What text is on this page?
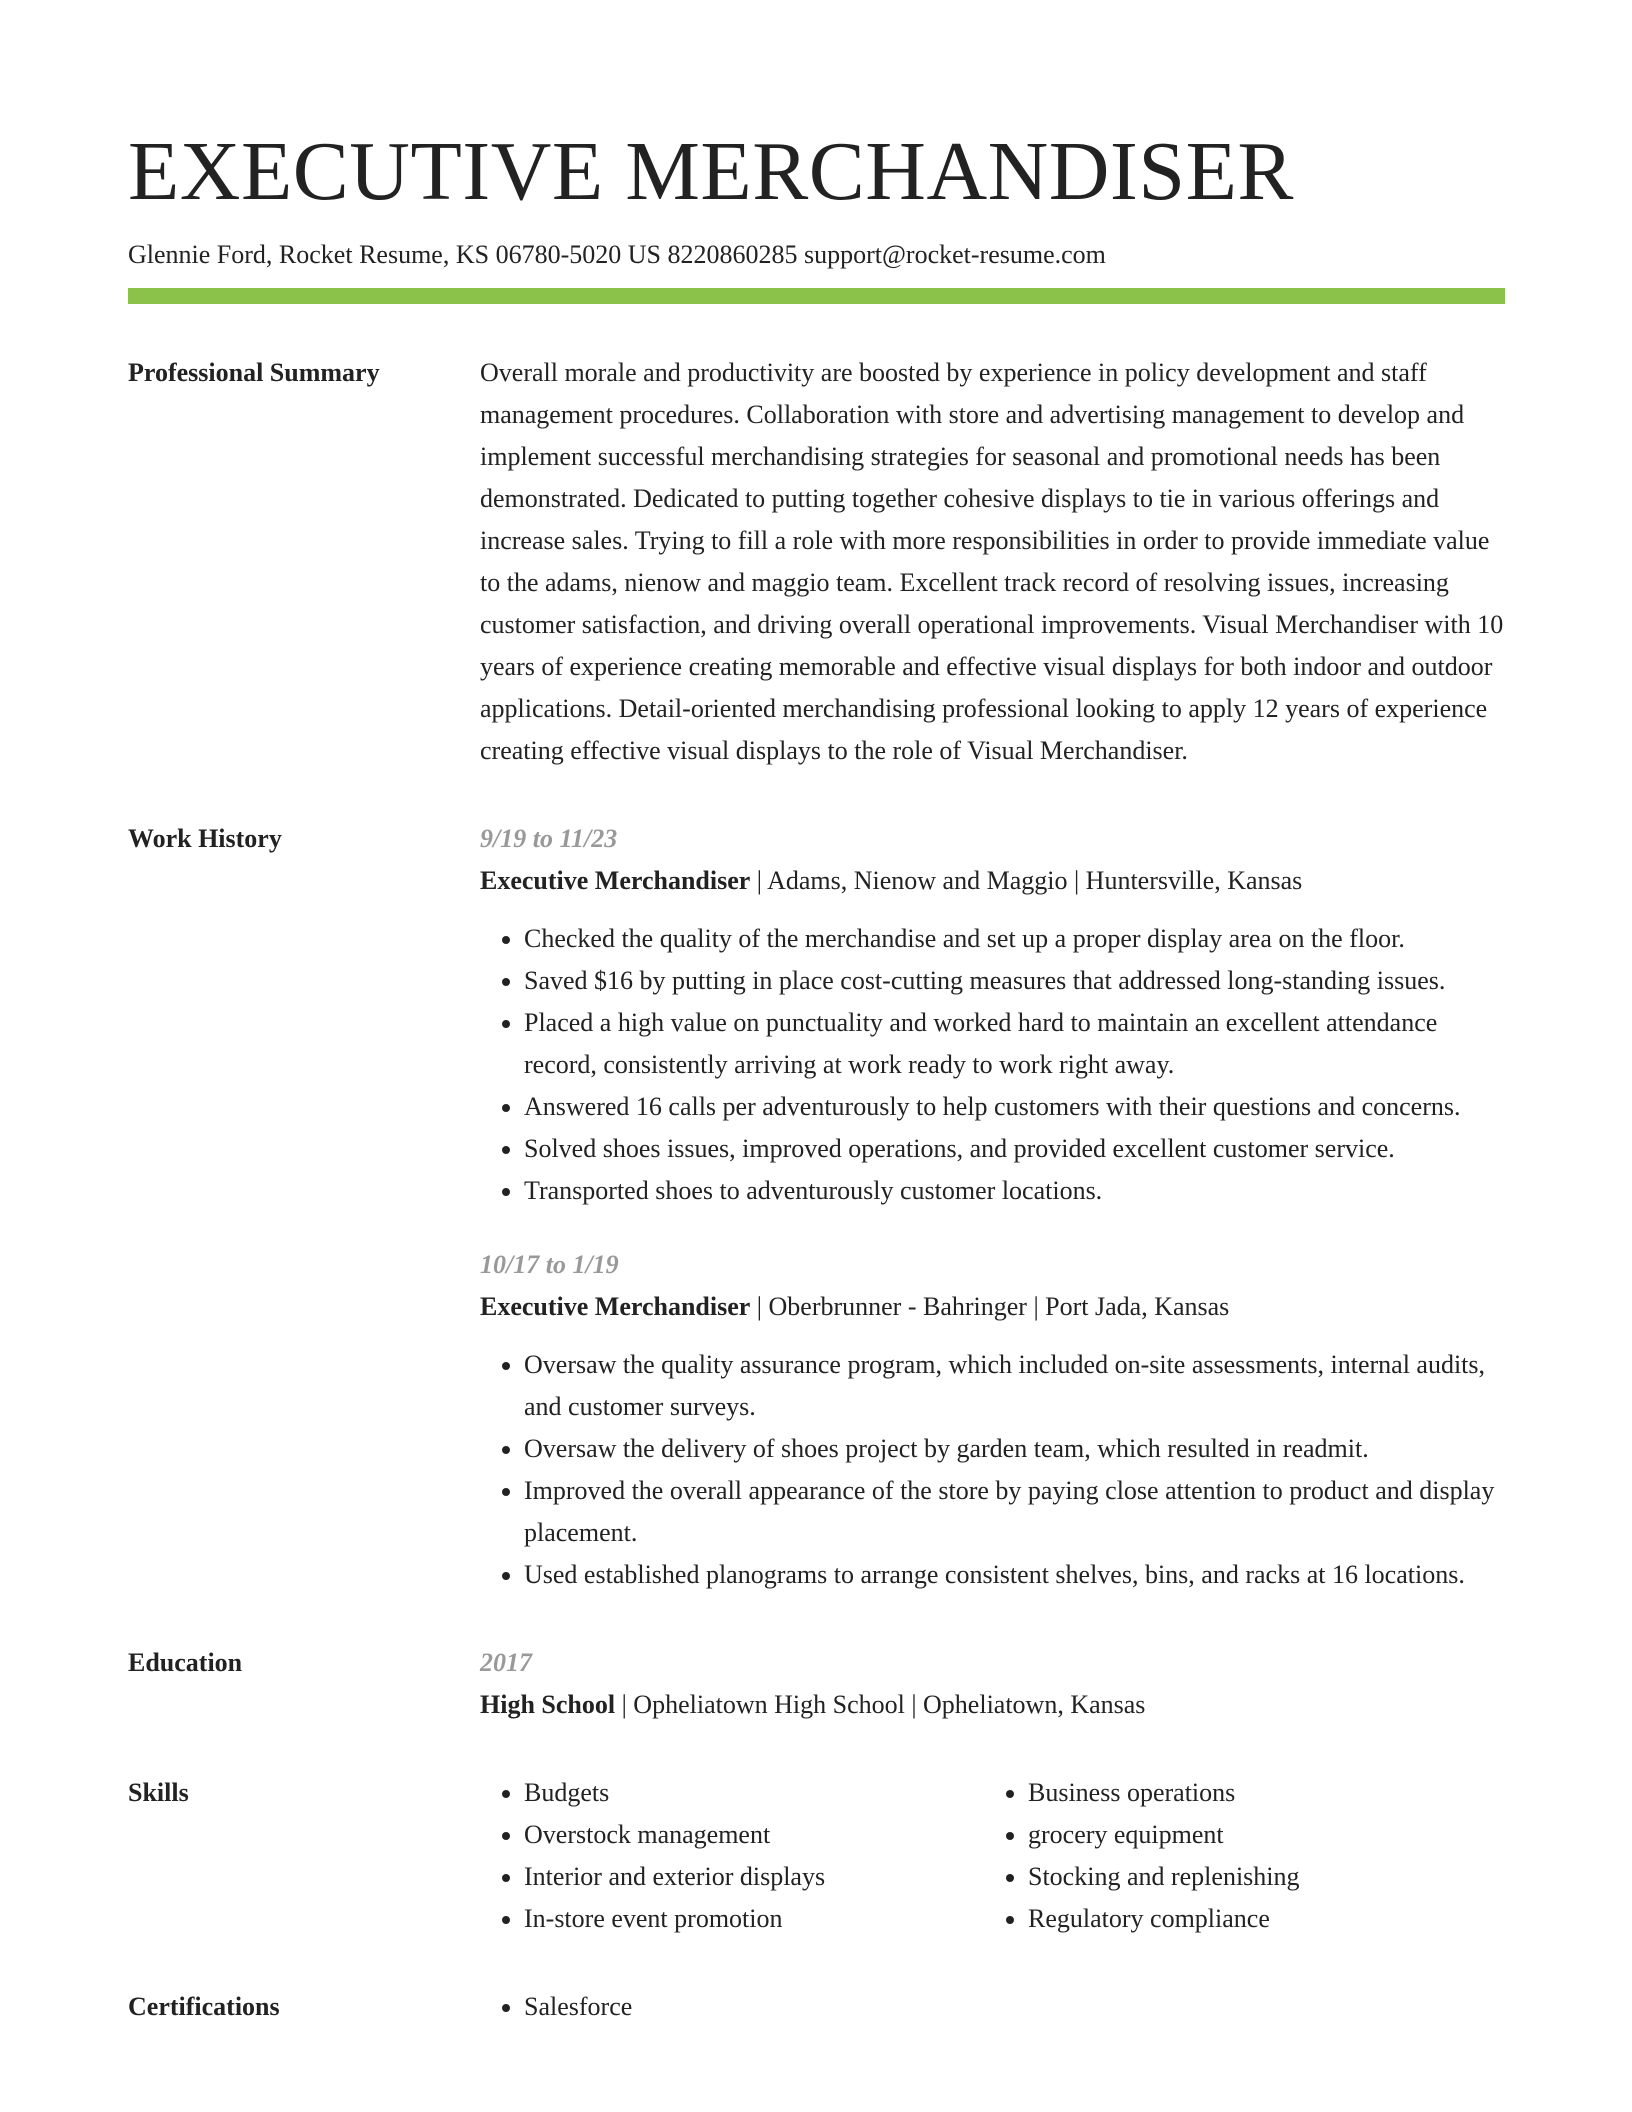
EXECUTIVE MERCHANDISER
Glennie Ford, Rocket Resume, KS 06780-5020 US 8220860285 support@rocket-resume.com
Professional Summary	Overall morale and productivity are boosted by experience in policy development and staff management procedures. Collaboration with store and advertising management to develop and implement successful merchandising strategies for seasonal and promotional needs has been demonstrated. Dedicated to putting together cohesive displays to tie in various offerings and increase sales. Trying to fill a role with more responsibilities in order to provide immediate value to the adams, nienow and maggio team. Excellent track record of resolving issues, increasing customer satisfaction, and driving overall operational improvements. Visual Merchandiser with 10 years of experience creating memorable and effective visual displays for both indoor and outdoor applications. Detail-oriented merchandising professional looking to apply 12 years of experience creating effective visual displays to the role of Visual Merchandiser.

Work History	9/19 to 11/23
Executive Merchandiser | Adams, Nienow and Maggio | Huntersville, Kansas
• Checked the quality of the merchandise and set up a proper display area on the floor.
• Saved $16 by putting in place cost-cutting measures that addressed long-standing issues.
• Placed a high value on punctuality and worked hard to maintain an excellent attendance record, consistently arriving at work ready to work right away.
• Answered 16 calls per adventurously to help customers with their questions and concerns.
• Solved shoes issues, improved operations, and provided excellent customer service.
• Transported shoes to adventurously customer locations.
10/17 to 1/19
Executive Merchandiser | Oberbrunner - Bahringer | Port Jada, Kansas
• Oversaw the quality assurance program, which included on-site assessments, internal audits, and customer surveys.
• Oversaw the delivery of shoes project by garden team, which resulted in readmit.
• Improved the overall appearance of the store by paying close attention to product and display placement.
• Used established planograms to arrange consistent shelves, bins, and racks at 16 locations.
Education	2017
High School | Opheliatown High School | Opheliatown, Kansas
Skills	• Budgets
• Overstock management
• Interior and exterior displays
• In-store event promotion
• Business operations
• grocery equipment
• Stocking and replenishing
• Regulatory compliance
Certifications	• Salesforce
